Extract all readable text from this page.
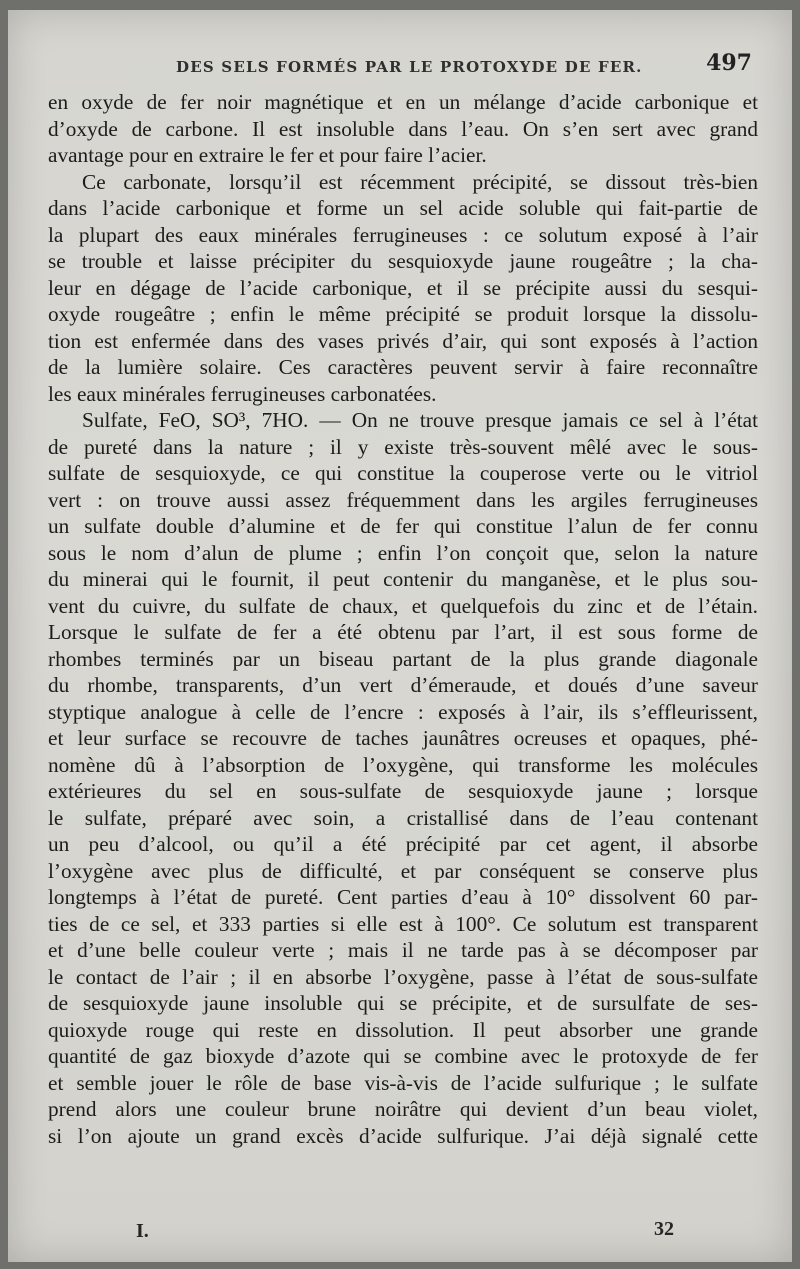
DES SELS FORMÉS PAR LE PROTOXYDE DE FER.	497
en oxyde de fer noir magnétique et en un mélange d’acide carbonique et
d’oxyde de carbone. Il est insoluble dans l’eau. On s’en sert avec grand
avantage pour en extraire le fer et pour faire l’acier.
Ce carbonate, lorsqu’il est récemment précipité, se dissout très-bien
dans l’acide carbonique et forme un sel acide soluble qui fait-partie de
la plupart des eaux minérales ferrugineuses : ce solutum exposé à l’air
se trouble et laisse précipiter du sesquioxyde jaune rougeâtre ; la cha-
leur en dégage de l’acide carbonique, et il se précipite aussi du sesqui-
oxyde rougeâtre ; enfin le même précipité se produit lorsque la dissolu-
tion est enfermée dans des vases privés d’air, qui sont exposés à l’action
de la lumière solaire. Ces caractères peuvent servir à faire reconnaître
les eaux minérales ferrugineuses carbonatées.
Sulfate, FeO, SO³, 7HO. — On ne trouve presque jamais ce sel à l’état
de pureté dans la nature ; il y existe très-souvent mêlé avec le sous-
sulfate de sesquioxyde, ce qui constitue la couperose verte ou le vitriol
vert : on trouve aussi assez fréquemment dans les argiles ferrugineuses
un sulfate double d’alumine et de fer qui constitue l’alun de fer connu
sous le nom d’alun de plume ; enfin l’on conçoit que, selon la nature
du minerai qui le fournit, il peut contenir du manganèse, et le plus sou-
vent du cuivre, du sulfate de chaux, et quelquefois du zinc et de l’étain.
Lorsque le sulfate de fer a été obtenu par l’art, il est sous forme de
rhombes terminés par un biseau partant de la plus grande diagonale
du rhombe, transparents, d’un vert d’émeraude, et doués d’une saveur
styptique analogue à celle de l’encre : exposés à l’air, ils s’effleurissent,
et leur surface se recouvre de taches jaunâtres ocreuses et opaques, phé-
nomène dû à l’absorption de l’oxygène, qui transforme les molécules
extérieures du sel en sous-sulfate de sesquioxyde jaune ; lorsque
le sulfate, préparé avec soin, a cristallisé dans de l’eau contenant
un peu d’alcool, ou qu’il a été précipité par cet agent, il absorbe
l’oxygène avec plus de difficulté, et par conséquent se conserve plus
longtemps à l’état de pureté. Cent parties d’eau à 10° dissolvent 60 par-
ties de ce sel, et 333 parties si elle est à 100°. Ce solutum est transparent
et d’une belle couleur verte ; mais il ne tarde pas à se décomposer par
le contact de l’air ; il en absorbe l’oxygène, passe à l’état de sous-sulfate
de sesquioxyde jaune insoluble qui se précipite, et de sursulfate de ses-
quioxyde rouge qui reste en dissolution. Il peut absorber une grande
quantité de gaz bioxyde d’azote qui se combine avec le protoxyde de fer
et semble jouer le rôle de base vis-à-vis de l’acide sulfurique ; le sulfate
prend alors une couleur brune noirâtre qui devient d’un beau violet,
si l’on ajoute un grand excès d’acide sulfurique. J’ai déjà signalé cette
I.	32
